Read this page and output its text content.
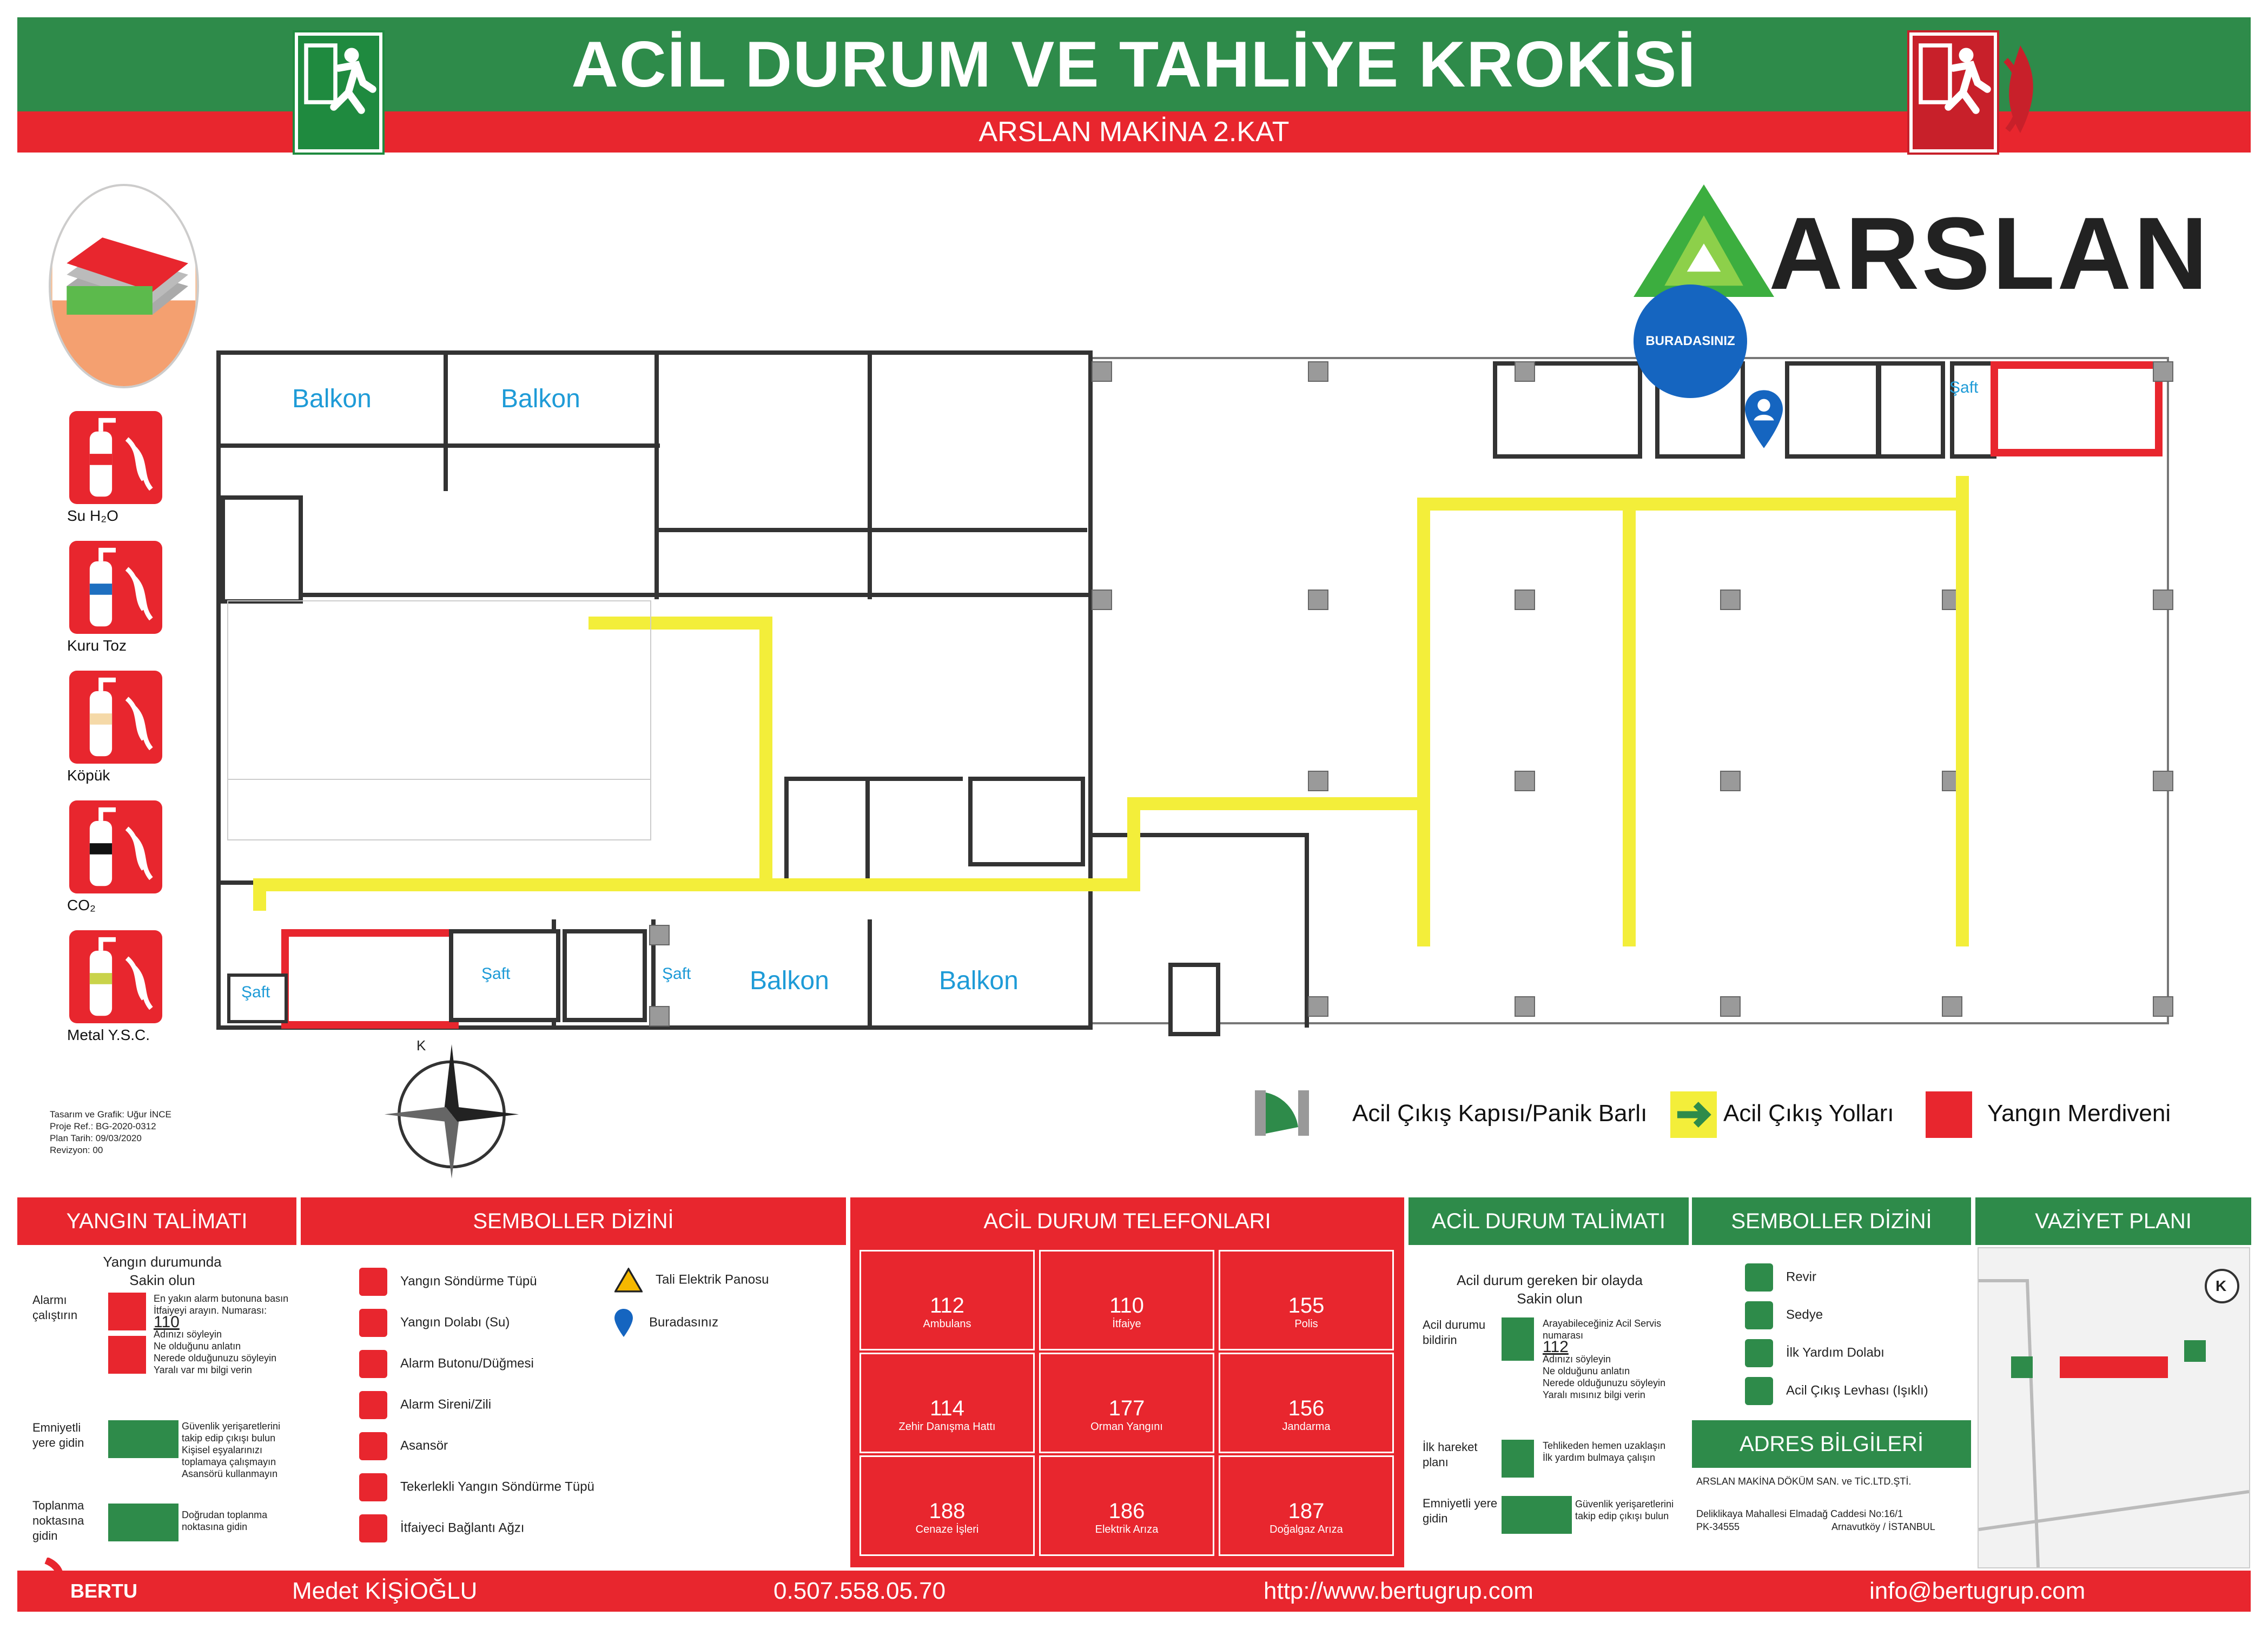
ACİL DURUM VE TAHLİYE KROKİSİ
ARSLAN MAKİNA 2.KAT
ARSLAN
Su H₂O
Kuru Toz
Köpük
CO₂
Metal Y.S.C.
Balkon	Balkon
Balkon	Balkon
Şaft
Şaft	Şaft
Şaft
BURADASINIZ
K
Tasarım ve Grafik: Uğur İNCE
Proje Ref.: BG-2020-0312
Plan Tarih: 09/03/2020
Revizyon: 00
Acil Çıkış Kapısı/Panik Barlı	Acil Çıkış Yolları	Yangın Merdiveni
YANGIN TALİMATI
Yangın durumunda
Sakin olun
Alarmı çalıştırın
En yakın alarm butonuna basın
İtfaiyeyi arayın. Numarası:
110
Adınızı söyleyin
Ne olduğunu anlatın
Nerede olduğunuzu söyleyin
Yaralı var mı bilgi verin
Emniyetli yere gidin
Güvenlik yerişaretlerini takip edip çıkışı bulun
Kişisel eşyalarınızı toplamaya çalışmayın
Asansörü kullanmayın
Toplanma noktasına gidin
Doğrudan toplanma noktasına gidin
SEMBOLLER DİZİNİ
Yangın Söndürme Tüpü
Yangın Dolabı (Su)
Alarm Butonu/Düğmesi
Alarm Sireni/Zili
Asansör
Tekerlekli Yangın Söndürme Tüpü
İtfaiyeci Bağlantı Ağzı
Tali Elektrik Panosu
Buradasınız
ACİL DURUM TELEFONLARI
112
Ambulans
110
İtfaiye
155
Polis
114
Zehir Danışma Hattı
177
Orman Yangını
156
Jandarma
188
Cenaze İşleri
186
Elektrik Arıza
187
Doğalgaz Arıza
ACİL DURUM TALİMATI
Acil durum gereken bir olayda
Sakin olun
Acil durumu bildirin
Arayabileceğiniz Acil Servis numarası
112
Adınızı söyleyin
Ne olduğunu anlatın
Nerede olduğunuzu söyleyin
Yaralı mısınız bilgi verin
İlk hareket planı
Tehlikeden hemen uzaklaşın
İlk yardım bulmaya çalışın
Emniyetli yere gidin
Güvenlik yerişaretlerini takip edip çıkışı bulun
SEMBOLLER DİZİNİ
Revir
Sedye
İlk Yardım Dolabı
Acil Çıkış Levhası (Işıklı)
ADRES BİLGİLERİ
ARSLAN MAKİNA DÖKÜM SAN. ve TİC.LTD.ŞTİ.
Deliklikaya Mahallesi Elmadağ Caddesi No:16/1
PK-34555	Arnavutköy / İSTANBUL
VAZİYET PLANI
K
BERTU	Medet KİŞİOĞLU	0.507.558.05.70	http://www.bertugrup.com	info@bertugrup.com
